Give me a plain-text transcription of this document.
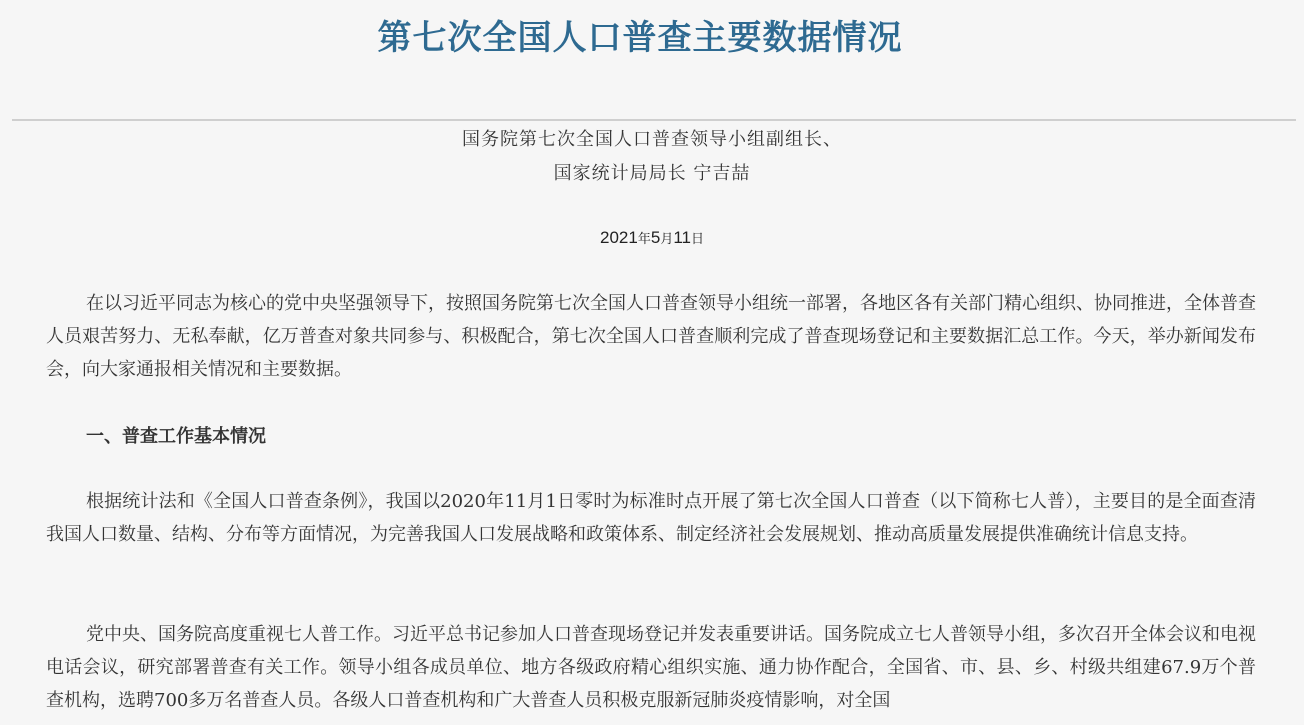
第七次全国人口普查主要数据情况
国务院第七次全国人口普查领导小组副组长、
国家统计局局长 宁吉喆
2021年5月11日

在以习近平同志为核心的党中央坚强领导下，按照国务院第七次全国人口普查领导小组统一部署，各地区各有关部门精心组织、协同推进，全体普查人员艰苦努力、无私奉献，亿万普查对象共同参与、积极配合，第七次全国人口普查顺利完成了普查现场登记和主要数据汇总工作。今天，举办新闻发布会，向大家通报相关情况和主要数据。

一、普查工作基本情况

根据统计法和《全国人口普查条例》，我国以2020年11月1日零时为标准时点开展了第七次全国人口普查（以下简称七人普），主要目的是全面查清我国人口数量、结构、分布等方面情况，为完善我国人口发展战略和政策体系、制定经济社会发展规划、推动高质量发展提供准确统计信息支持。

党中央、国务院高度重视七人普工作。习近平总书记参加人口普查现场登记并发表重要讲话。国务院成立七人普领导小组，多次召开全体会议和电视电话会议，研究部署普查有关工作。领导小组各成员单位、地方各级政府精心组织实施、通力协作配合，全国省、市、县、乡、村级共组建67.9万个普查机构，选聘700多万名普查人员。各级人口普查机构和广大普查人员积极克服新冠肺炎疫情影响，对全国
